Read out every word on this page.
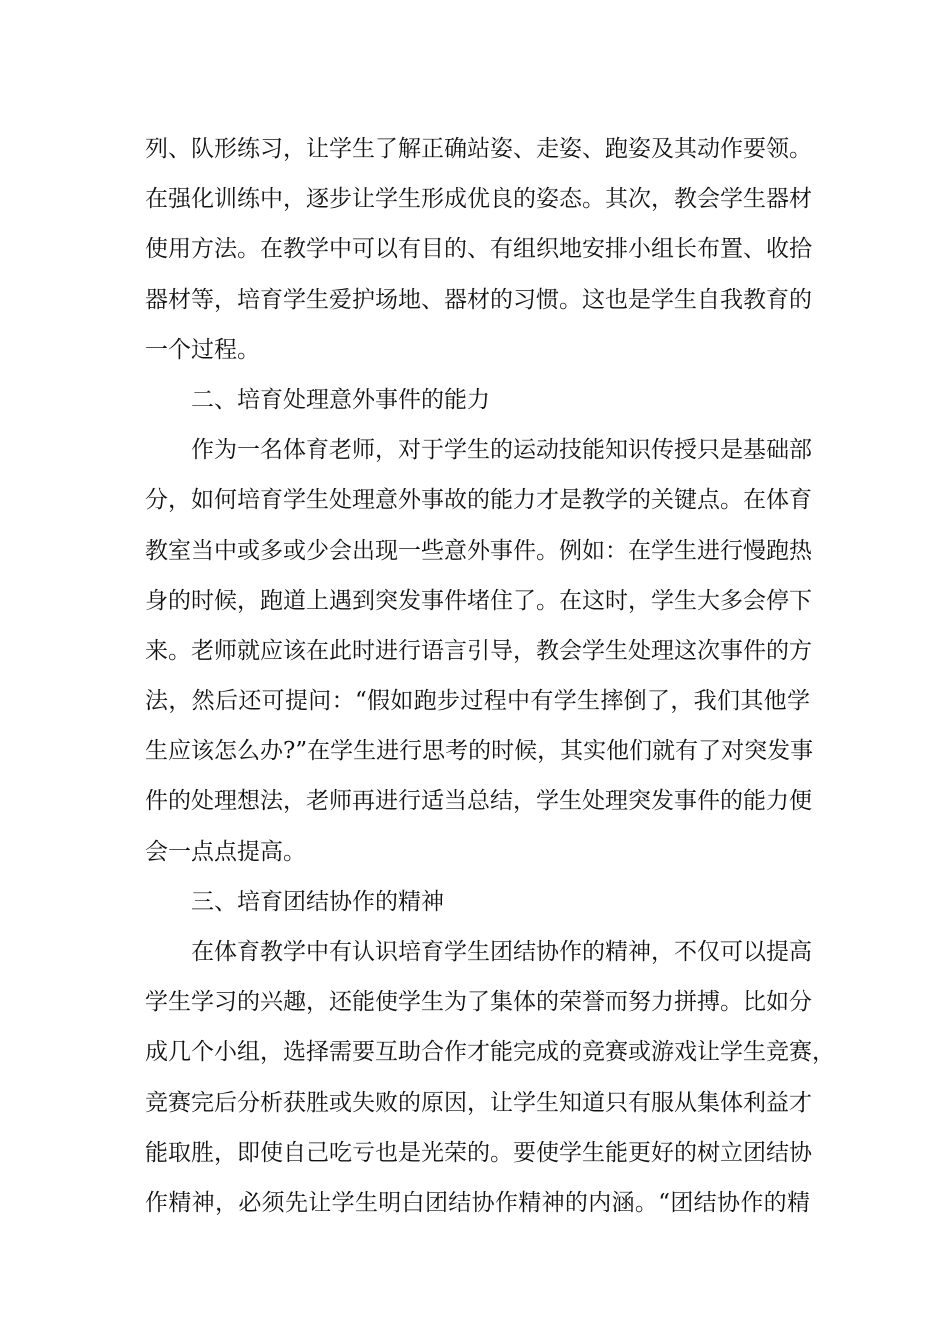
列、队形练习，让学生了解正确站姿、走姿、跑姿及其动作要领。
在强化训练中，逐步让学生形成优良的姿态。其次，教会学生器材
使用方法。在教学中可以有目的、有组织地安排小组长布置、收拾
器材等，培育学生爱护场地、器材的习惯。这也是学生自我教育的
一个过程。
二、培育处理意外事件的能力
作为一名体育老师，对于学生的运动技能知识传授只是基础部
分，如何培育学生处理意外事故的能力才是教学的关键点。在体育
教室当中或多或少会出现一些意外事件。例如：在学生进行慢跑热
身的时候，跑道上遇到突发事件堵住了。在这时，学生大多会停下
来。老师就应该在此时进行语言引导，教会学生处理这次事件的方
法，然后还可提问：“假如跑步过程中有学生摔倒了，我们其他学
生应该怎么办?”在学生进行思考的时候，其实他们就有了对突发事
件的处理想法，老师再进行适当总结，学生处理突发事件的能力便
会一点点提高。
三、培育团结协作的精神
在体育教学中有认识培育学生团结协作的精神，不仅可以提高
学生学习的兴趣，还能使学生为了集体的荣誉而努力拼搏。比如分
成几个小组，选择需要互助合作才能完成的竞赛或游戏让学生竞赛，
竞赛完后分析获胜或失败的原因，让学生知道只有服从集体利益才
能取胜，即使自己吃亏也是光荣的。要使学生能更好的树立团结协
作精神，必须先让学生明白团结协作精神的内涵。“团结协作的精
